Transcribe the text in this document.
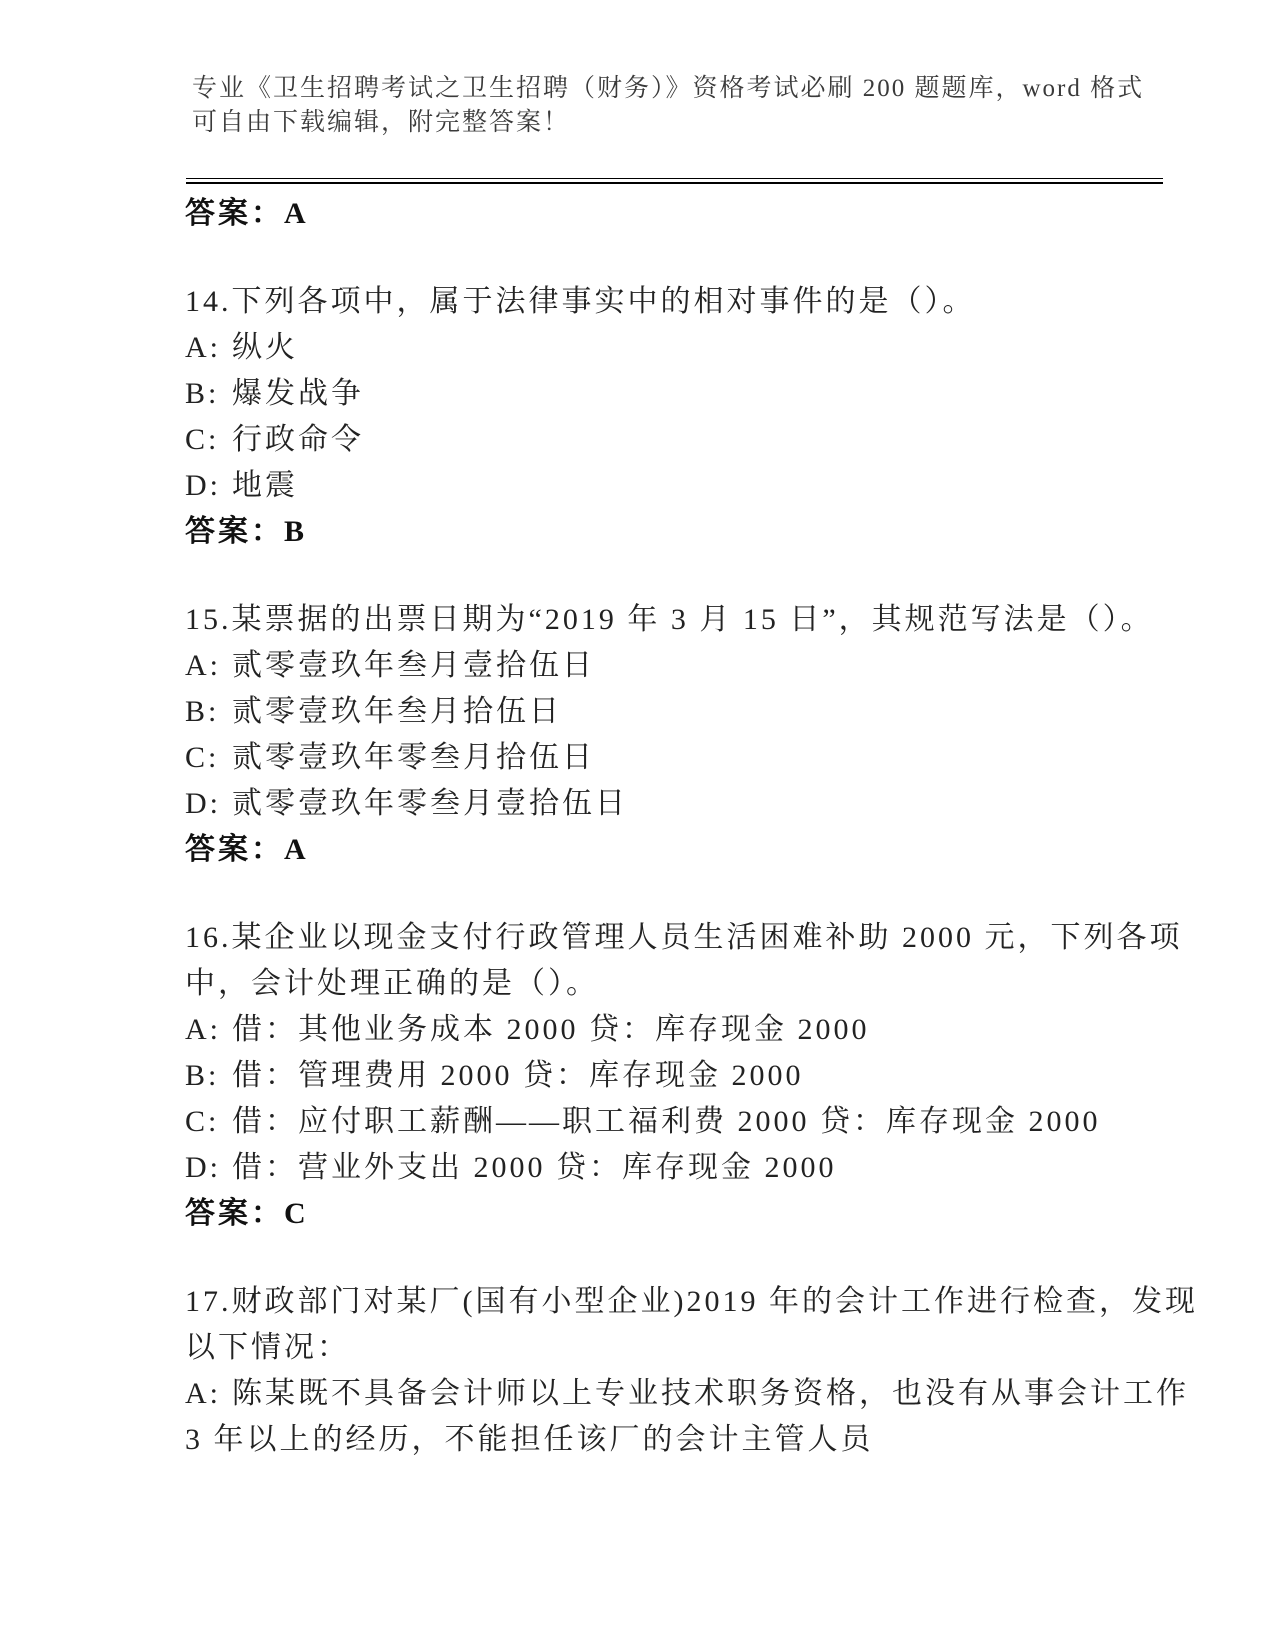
专业《卫生招聘考试之卫生招聘（财务）》资格考试必刷 200 题题库，word 格式
可自由下载编辑，附完整答案！
答案：A
14.下列各项中，属于法律事实中的相对事件的是（）。
A: 纵火
B: 爆发战争
C: 行政命令
D: 地震
答案：B
15.某票据的出票日期为“2019 年 3 月 15 日”，其规范写法是（）。
A: 贰零壹玖年叁月壹拾伍日
B: 贰零壹玖年叁月拾伍日
C: 贰零壹玖年零叁月拾伍日
D: 贰零壹玖年零叁月壹拾伍日
答案：A
16.某企业以现金支付行政管理人员生活困难补助 2000 元，下列各项
中，会计处理正确的是（）。
A: 借：其他业务成本 2000 贷：库存现金 2000
B: 借：管理费用 2000 贷：库存现金 2000
C: 借：应付职工薪酬——职工福利费 2000 贷：库存现金 2000
D: 借：营业外支出 2000 贷：库存现金 2000
答案：C
17.财政部门对某厂(国有小型企业)2019 年的会计工作进行检查，发现
以下情况：
A: 陈某既不具备会计师以上专业技术职务资格，也没有从事会计工作
3 年以上的经历，不能担任该厂的会计主管人员
